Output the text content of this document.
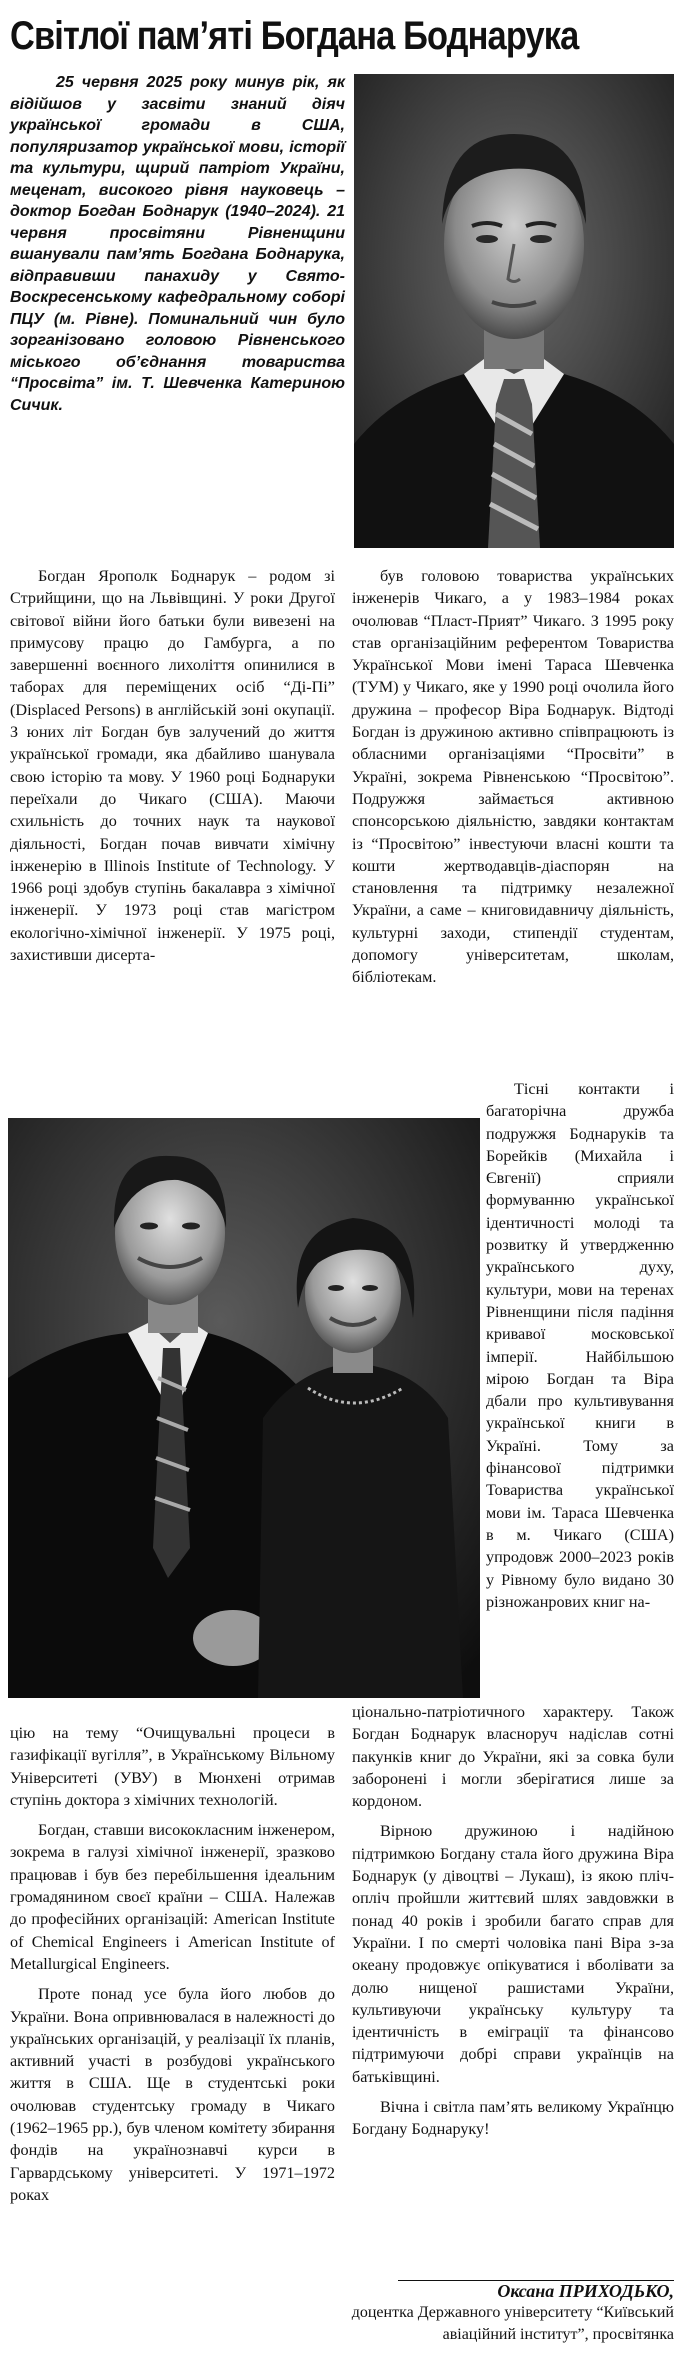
Світлої пам’яті Богдана Боднарука

25 червня 2025 року минув рік, як відійшов у засвіти знаний діяч української громади в США, популяризатор української мови, історії та культури, щирий патріот України, меценат, високого рівня науковець – доктор Богдан Боднарук (1940–2024). 21 червня просвітяни Рівненщини вшанували пам’ять Богдана Боднарука, відправивши панахиду у Свято-Воскресенському кафедральному соборі ПЦУ (м. Рівне). Поминальний чин було зорганізовано головою Рівненського міського об’єднання товариства “Просвіта” ім. Т. Шевченка Катериною Сичик.

Богдан Ярополк Боднарук – родом зі Стрийщини, що на Львівщині. У роки Другої світової війни його батьки були вивезені на примусову працю до Гамбурга, а по завершенні воєнного лихоліття опинилися в таборах для переміщених осіб “Ді-Пі” (Displaced Persons) в англійській зоні окупації. З юних літ Богдан був залучений до життя української громади, яка дбайливо шанувала свою історію та мову. У 1960 році Боднаруки переїхали до Чикаго (США). Маючи схильність до точних наук та наукової діяльності, Богдан почав вивчати хімічну інженерію в Illinois Institute of Technology. У 1966 році здобув ступінь бакалавра з хімічної інженерії. У 1973 році став магістром екологічно-хімічної інженерії. У 1975 році, захистивши дисерта-

був головою товариства українських інженерів Чикаго, а у 1983–1984 роках очолював “Пласт-Прият” Чикаго. З 1995 року став організаційним референтом Товариства Української Мови імені Тараса Шевченка (ТУМ) у Чикаго, яке у 1990 році очолила його дружина – професор Віра Боднарук. Відтоді Богдан із дружиною активно співпрацюють із обласними організаціями “Просвіти” в Україні, зокрема Рівненською “Просвітою”. Подружжя займається активною спонсорською діяльністю, завдяки контактам із “Просвітою” інвестуючи власні кошти та кошти жертводавців-діаспорян на становлення та підтримку незалежної України, а саме – книговидавничу діяльність, культурні заходи, стипендії студентам, допомогу університетам, школам, бібліотекам.

Тісні контакти і багаторічна дружба подружжя Боднаруків та Борейків (Михайла і Євгенії) сприяли формуванню української ідентичності молоді та розвитку й утвердженню українського духу, культури, мови на теренах Рівненщини після падіння кривавої московської імперії. Найбільшою мірою Богдан та Віра дбали про культивування української книги в Україні. Тому за фінансової підтримки Товариства української мови ім. Тараса Шевченка в м. Чикаго (США) упродовж 2000–2023 років у Рівному було видано 30 різножанрових книг на-

цію на тему “Очищувальні процеси в газифікації вугілля”, в Українському Вільному Університеті (УВУ) в Мюнхені отримав ступінь доктора з хімічних технологій.

Богдан, ставши висококласним інженером, зокрема в галузі хімічної інженерії, зразково працював і був без перебільшення ідеальним громадянином своєї країни – США. Належав до професійних організацій: American Institute of Chemical Engineers і American Institute of Metallurgical Engineers.

Проте понад усе була його любов до України. Вона опривнювалася в належності до українських організацій, у реалізації їх планів, активний участі в розбудові українського життя в США. Ще в студентські роки очолював студентську громаду в Чикаго (1962–1965 рр.), був членом комітету збирання фондів на українознавчі курси в Гарвардському університеті. У 1971–1972 роках

ціонально-патріотичного характеру. Також Богдан Боднарук власноруч надіслав сотні пакунків книг до України, які за совка були заборонені і могли зберігатися лише за кордоном.

Вірною дружиною і надійною підтримкою Богдану стала його дружина Віра Боднарук (у дівоцтві – Лукаш), із якою пліч-опліч пройшли життєвий шлях завдовжки в понад 40 років і зробили багато справ для України. І по смерті чоловіка пані Віра з-за океану продовжує опікуватися і вболівати за долю нищеної рашистами України, культивуючи українську культуру та ідентичність в еміграції та фінансово підтримуючи добрі справи українців на батьківщині.

Вічна і світла пам’ять великому Українцю Богдану Боднаруку!

Оксана ПРИХОДЬКО,
доцентка Державного університету “Київський авіаційний інститут”, просвітянка
